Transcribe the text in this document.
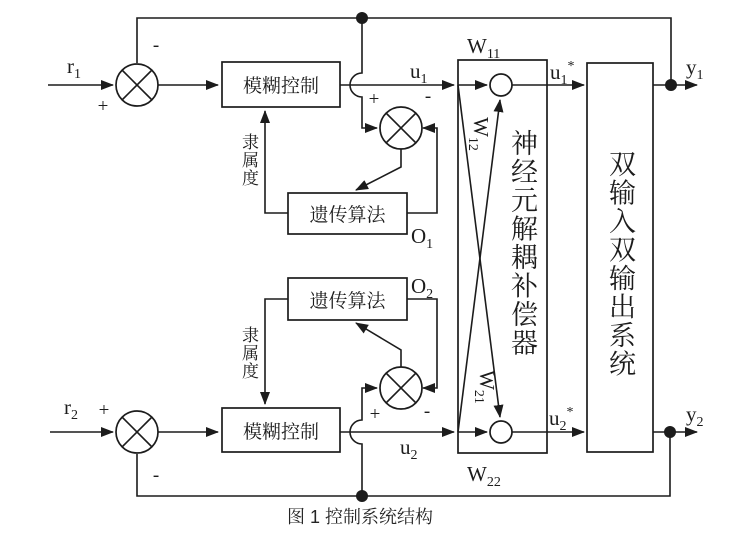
$r_1$
$r_2$
$u_1$
$u_2$
$u_1^*$
$u_2^*$
$y_1$
$y_2$
$O_1$
$O_2$
$W_{11}$
$W_{22}$
$W_{12}$
$W_{21}$
+
-
+
-
+ -
+ -
模糊控制
模糊控制
遗传算法
遗传算法
隶属度
隶属度	神经元解耦补偿器	双输入双输出系统
图 1 控制系统结构
